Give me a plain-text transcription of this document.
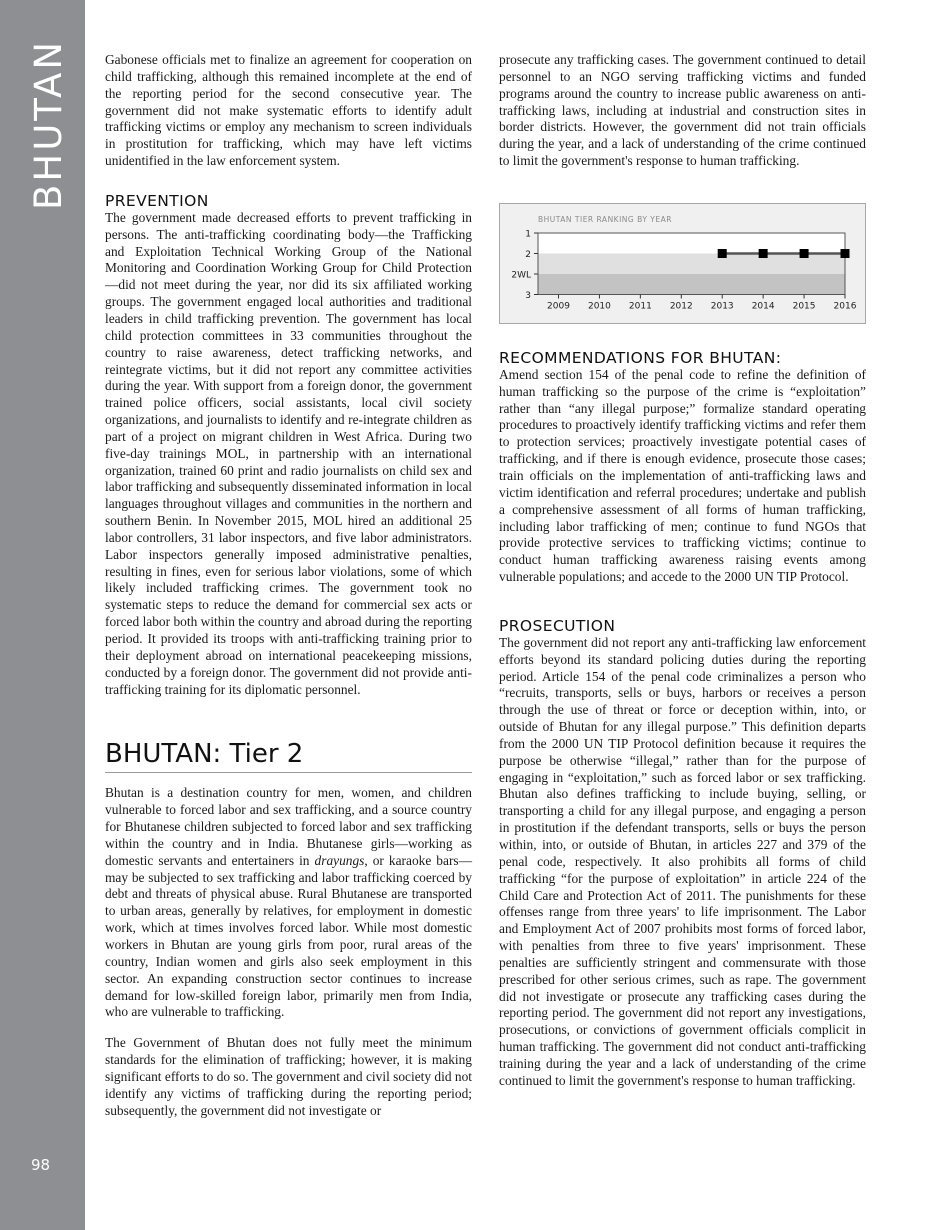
BHUTAN
98

Gabonese officials met to finalize an agreement for cooperation on child trafficking, although this remained incomplete at the end of the reporting period for the second consecutive year. The government did not make systematic efforts to identify adult trafficking victims or employ any mechanism to screen individuals in prostitution for trafficking, which may have left victims unidentified in the law enforcement system.

PREVENTION

The government made decreased efforts to prevent trafficking in persons. The anti-trafficking coordinating body—the Trafficking and Exploitation Technical Working Group of the National Monitoring and Coordination Working Group for Child Protection—did not meet during the year, nor did its six affiliated working groups. The government engaged local authorities and traditional leaders in child trafficking prevention. The government has local child protection committees in 33 communities throughout the country to raise awareness, detect trafficking networks, and reintegrate victims, but it did not report any committee activities during the year. With support from a foreign donor, the government trained police officers, social assistants, local civil society organizations, and journalists to identify and re-integrate children as part of a project on migrant children in West Africa. During two five-day trainings MOL, in partnership with an international organization, trained 60 print and radio journalists on child sex and labor trafficking and subsequently disseminated information in local languages throughout villages and communities in the northern and southern Benin. In November 2015, MOL hired an additional 25 labor controllers, 31 labor inspectors, and five labor administrators. Labor inspectors generally imposed administrative penalties, resulting in fines, even for serious labor violations, some of which likely included trafficking crimes. The government took no systematic steps to reduce the demand for commercial sex acts or forced labor both within the country and abroad during the reporting period. It provided its troops with anti-trafficking training prior to their deployment abroad on international peacekeeping missions, conducted by a foreign donor. The government did not provide anti-trafficking training for its diplomatic personnel.

BHUTAN: Tier 2

Bhutan is a destination country for men, women, and children vulnerable to forced labor and sex trafficking, and a source country for Bhutanese children subjected to forced labor and sex trafficking within the country and in India. Bhutanese girls—working as domestic servants and entertainers in drayungs, or karaoke bars—may be subjected to sex trafficking and labor trafficking coerced by debt and threats of physical abuse. Rural Bhutanese are transported to urban areas, generally by relatives, for employment in domestic work, which at times involves forced labor. While most domestic workers in Bhutan are young girls from poor, rural areas of the country, Indian women and girls also seek employment in this sector. An expanding construction sector continues to increase demand for low-skilled foreign labor, primarily men from India, who are vulnerable to trafficking.

The Government of Bhutan does not fully meet the minimum standards for the elimination of trafficking; however, it is making significant efforts to do so. The government and civil society did not identify any victims of trafficking during the reporting period; subsequently, the government did not investigate or

prosecute any trafficking cases. The government continued to detail personnel to an NGO serving trafficking victims and funded programs around the country to increase public awareness on anti-trafficking laws, including at industrial and construction sites in border districts. However, the government did not train officials during the year, and a lack of understanding of the crime continued to limit the government's response to human trafficking.

BHUTAN TIER RANKING BY YEAR
1
2
2WL
3
2009 2010 2011 2012 2013 2014 2015 2016
RECOMMENDATIONS FOR BHUTAN:

Amend section 154 of the penal code to refine the definition of human trafficking so the purpose of the crime is “exploitation” rather than “any illegal purpose;” formalize standard operating procedures to proactively identify trafficking victims and refer them to protection services; proactively investigate potential cases of trafficking, and if there is enough evidence, prosecute those cases; train officials on the implementation of anti-trafficking laws and victim identification and referral procedures; undertake and publish a comprehensive assessment of all forms of human trafficking, including labor trafficking of men; continue to fund NGOs that provide protective services to trafficking victims; continue to conduct human trafficking awareness raising events among vulnerable populations; and accede to the 2000 UN TIP Protocol.

PROSECUTION

The government did not report any anti-trafficking law enforcement efforts beyond its standard policing duties during the reporting period. Article 154 of the penal code criminalizes a person who “recruits, transports, sells or buys, harbors or receives a person through the use of threat or force or deception within, into, or outside of Bhutan for any illegal purpose.” This definition departs from the 2000 UN TIP Protocol definition because it requires the purpose be otherwise “illegal,” rather than for the purpose of engaging in “exploitation,” such as forced labor or sex trafficking. Bhutan also defines trafficking to include buying, selling, or transporting a child for any illegal purpose, and engaging a person in prostitution if the defendant transports, sells or buys the person within, into, or outside of Bhutan, in articles 227 and 379 of the penal code, respectively. It also prohibits all forms of child trafficking “for the purpose of exploitation” in article 224 of the Child Care and Protection Act of 2011. The punishments for these offenses range from three years' to life imprisonment. The Labor and Employment Act of 2007 prohibits most forms of forced labor, with penalties from three to five years' imprisonment. These penalties are sufficiently stringent and commensurate with those prescribed for other serious crimes, such as rape. The government did not investigate or prosecute any trafficking cases during the reporting period. The government did not report any investigations, prosecutions, or convictions of government officials complicit in human trafficking. The government did not conduct anti-trafficking training during the year and a lack of understanding of the crime continued to limit the government's response to human trafficking.
